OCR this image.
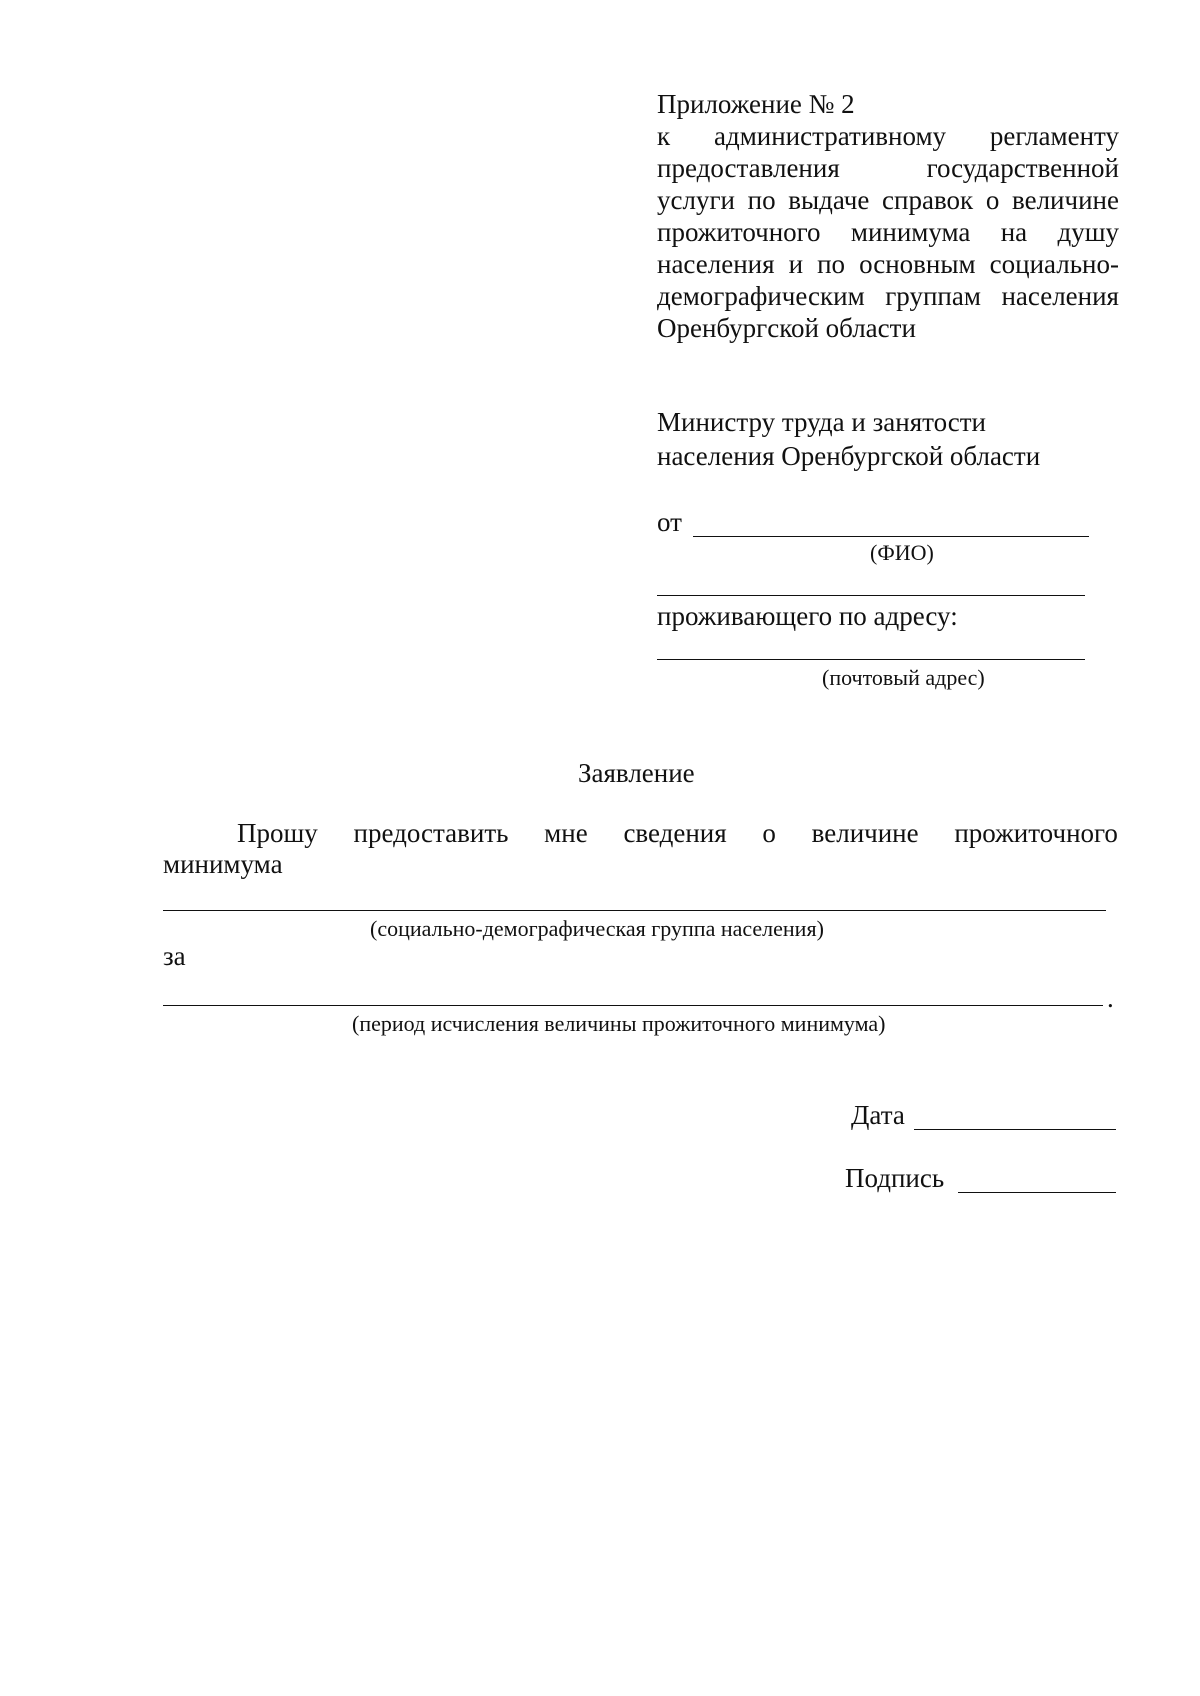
Приложение № 2
к административному регламенту
предоставления	государственной
услуги по выдаче справок о величине
прожиточного минимума на душу
населения и по основным социально-
демографическим группам населения
Оренбургской области
Министру труда и занятости
населения Оренбургской области
от
(ФИО)
проживающего по адресу:
(почтовый адрес)
Заявление
Прошу предоставить мне сведения о величине прожиточного
минимума
(социально-демографическая группа населения)
за
.
(период исчисления величины прожиточного минимума)
Дата
Подпись
